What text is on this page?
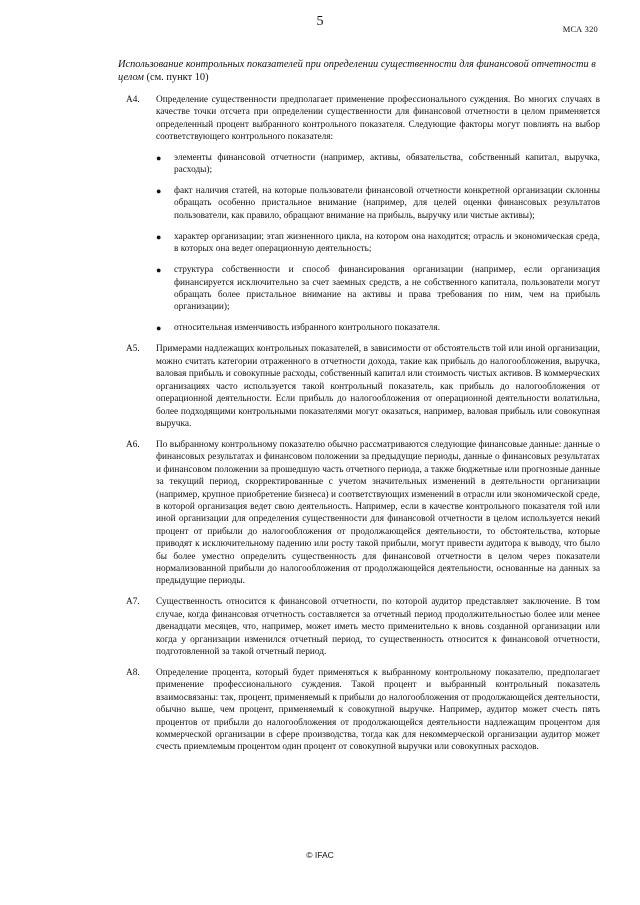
5	МСА 320
Использование контрольных показателей при определении существенности для финансовой отчетности в целом (см. пункт 10)
A4. Определение существенности предполагает применение профессионального суждения. Во многих случаях в качестве точки отсчета при определении существенности для финансовой отчетности в целом применяется определенный процент выбранного контрольного показателя. Следующие факторы могут повлиять на выбор соответствующего контрольного показателя:
● элементы финансовой отчетности (например, активы, обязательства, собственный капитал, выручка, расходы);
● факт наличия статей, на которые пользователи финансовой отчетности конкретной организации склонны обращать особенно пристальное внимание (например, для целей оценки финансовых результатов пользователи, как правило, обращают внимание на прибыль, выручку или чистые активы);
● характер организации; этап жизненного цикла, на котором она находится; отрасль и экономическая среда, в которых она ведет операционную деятельность;
● структура собственности и способ финансирования организации (например, если организация финансируется исключительно за счет заемных средств, а не собственного капитала, пользователи могут обращать более пристальное внимание на активы и права требования по ним, чем на прибыль организации);
● относительная изменчивость избранного контрольного показателя.
A5. Примерами надлежащих контрольных показателей, в зависимости от обстоятельств той или иной организации, можно считать категории отраженного в отчетности дохода, такие как прибыль до налогообложения, выручка, валовая прибыль и совокупные расходы, собственный капитал или стоимость чистых активов. В коммерческих организациях часто используется такой контрольный показатель, как прибыль до налогообложения от операционной деятельности. Если прибыль до налогообложения от операционной деятельности волатильна, более подходящими контрольными показателями могут оказаться, например, валовая прибыль или совокупная выручка.
A6. По выбранному контрольному показателю обычно рассматриваются следующие финансовые данные: данные о финансовых результатах и финансовом положении за предыдущие периоды, данные о финансовых результатах и финансовом положении за прошедшую часть отчетного периода, а также бюджетные или прогнозные данные за текущий период, скорректированные с учетом значительных изменений в деятельности организации (например, крупное приобретение бизнеса) и соответствующих изменений в отрасли или экономической среде, в которой организация ведет свою деятельность. Например, если в качестве контрольного показателя той или иной организации для определения существенности для финансовой отчетности в целом используется некий процент от прибыли до налогообложения от продолжающейся деятельности, то обстоятельства, которые приводят к исключительному падению или росту такой прибыли, могут привести аудитора к выводу, что было бы более уместно определить существенность для финансовой отчетности в целом через показатели нормализованной прибыли до налогообложения от продолжающейся деятельности, основанные на данных за предыдущие периоды.
A7. Существенность относится к финансовой отчетности, по которой аудитор представляет заключение. В том случае, когда финансовая отчетность составляется за отчетный период продолжительностью более или менее двенадцати месяцев, что, например, может иметь место применительно к вновь созданной организации или когда у организации изменился отчетный период, то существенность относится к финансовой отчетности, подготовленной за такой отчетный период.
A8. Определение процента, который будет применяться к выбранному контрольному показателю, предполагает применение профессионального суждения. Такой процент и выбранный контрольный показатель взаимосвязаны: так, процент, применяемый к прибыли до налогообложения от продолжающейся деятельности, обычно выше, чем процент, применяемый к совокупной выручке. Например, аудитор может счесть пять процентов от прибыли до налогообложения от продолжающейся деятельности надлежащим процентом для коммерческой организации в сфере производства, тогда как для некоммерческой организации аудитор может счесть приемлемым процентом один процент от совокупной выручки или совокупных расходов.
© IFAC
